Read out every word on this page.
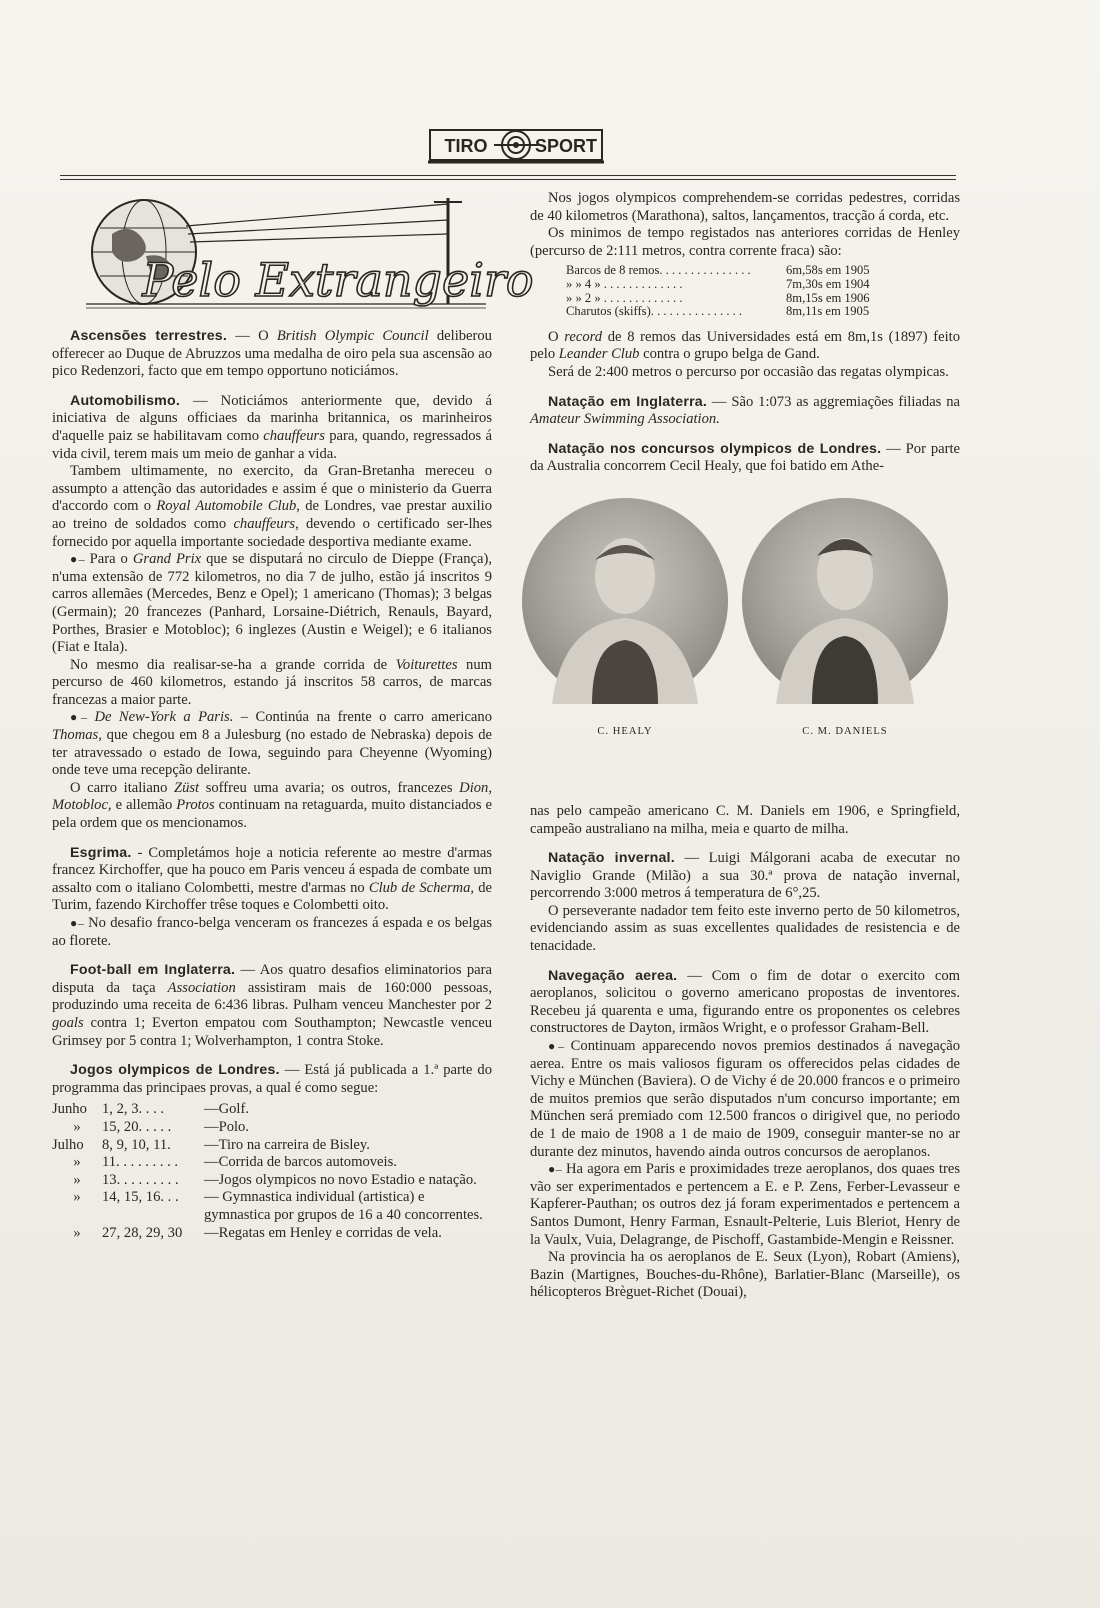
TIRO	SPORT
Pelo Extrangeiro

Ascensões terrestres. — O British Olympic Council deliberou offerecer ao Duque de Abruzzos uma medalha de oiro pela sua ascensão ao pico Redenzori, facto que em tempo opportuno noticiámos.

Automobilismo. — Noticiámos anteriormente que, devido á iniciativa de alguns officiaes da marinha britannica, os marinheiros d'aquelle paiz se habilitavam como chauffeurs para, quando, regressados á vida civil, terem mais um meio de ganhar a vida.

Tambem ultimamente, no exercito, da Gran-Bretanha mereceu o assumpto a attenção das autoridades e assim é que o ministerio da Guerra d'accordo com o Royal Automobile Club, de Londres, vae prestar auxilio ao treino de soldados como chauffeurs, devendo o certificado ser-lhes fornecido por aquella importante sociedade desportiva mediante exame.

●– Para o Grand Prix que se disputará no circulo de Dieppe (França), n'uma extensão de 772 kilometros, no dia 7 de julho, estão já inscritos 9 carros allemães (Mercedes, Benz e Opel); 1 americano (Thomas); 3 belgas (Germain); 20 francezes (Panhard, Lorsaine-Diétrich, Renauls, Bayard, Porthes, Brasier e Motobloc); 6 inglezes (Austin e Weigel); e 6 italianos (Fiat e Itala).

No mesmo dia realisar-se-ha a grande corrida de Voiturettes num percurso de 460 kilometros, estando já inscritos 58 carros, de marcas francezas a maior parte.

●– De New-York a Paris. – Continúa na frente o carro americano Thomas, que chegou em 8 a Julesburg (no estado de Nebraska) depois de ter atravessado o estado de Iowa, seguindo para Cheyenne (Wyoming) onde teve uma recepção delirante.

O carro italiano Züst soffreu uma avaria; os outros, francezes Dion, Motobloc, e allemão Protos continuam na retaguarda, muito distanciados e pela ordem que os mencionamos.

Esgrima. - Completámos hoje a noticia referente ao mestre d'armas francez Kirchoffer, que ha pouco em Paris venceu á espada de combate um assalto com o italiano Colombetti, mestre d'armas no Club de Scherma, de Turim, fazendo Kirchoffer trêse toques e Colombetti oito.

●– No desafio franco-belga venceram os francezes á espada e os belgas ao florete.

Foot-ball em Inglaterra. — Aos quatro desafios eliminatorios para disputa da taça Association assistiram mais de 160:000 pessoas, produzindo uma receita de 6:436 libras. Pulham venceu Manchester por 2 goals contra 1; Everton empatou com Southampton; Newcastle venceu Grimsey por 5 contra 1; Wolverhampton, 1 contra Stoke.

Jogos olympicos de Londres. — Está já publicada a 1.ª parte do programma das principaes provas, a qual é como segue:

Junho	1, 2, 3. . . .	—Golf.
»	15, 20. . . . .	—Polo.
Julho	8, 9, 10, 11.	—Tiro na carreira de Bisley.
»	11. . . . . . . . .	—Corrida de barcos automoveis.
»	13. . . . . . . . .	—Jogos olympicos no novo Estadio e natação.
»	14, 15, 16. . .	— Gymnastica individual (artistica) e gymnastica por grupos de 16 a 40 concorrentes.
»	27, 28, 29, 30	—Regatas em Henley e corridas de vela.

Nos jogos olympicos comprehendem-se corridas pedestres, corridas de 40 kilometros (Marathona), saltos, lançamentos, tracção á corda, etc.

Os minimos de tempo registados nas anteriores corridas de Henley (percurso de 2:111 metros, contra corrente fraca) são:

Barcos de 8 remos. . . . . . . . . . . . . . .	6m,58s em 1905
» » 4 » . . . . . . . . . . . . .	7m,30s em 1904
» » 2 » . . . . . . . . . . . . .	8m,15s em 1906
Charutos (skiffs). . . . . . . . . . . . . . .	8m,11s em 1905

O record de 8 remos das Universidades está em 8m,1s (1897) feito pelo Leander Club contra o grupo belga de Gand.

Será de 2:400 metros o percurso por occasião das regatas olympicas.

Natação em Inglaterra. — São 1:073 as aggremiações filiadas na Amateur Swimming Association.

Natação nos concursos olympicos de Londres. — Por parte da Australia concorrem Cecil Healy, que foi batido em Athe-

C. HEALY	C. M. DANIELS

nas pelo campeão americano C. M. Daniels em 1906, e Springfield, campeão australiano na milha, meia e quarto de milha.

Natação invernal. — Luigi Málgorani acaba de executar no Naviglio Grande (Milão) a sua 30.ª prova de natação invernal, percorrendo 3:000 metros á temperatura de 6°,25.

O perseverante nadador tem feito este inverno perto de 50 kilometros, evidenciando assim as suas excellentes qualidades de resistencia e de tenacidade.

Navegação aerea. — Com o fim de dotar o exercito com aeroplanos, solicitou o governo americano propostas de inventores. Recebeu já quarenta e uma, figurando entre os proponentes os celebres constructores de Dayton, irmãos Wright, e o professor Graham-Bell.

●– Continuam apparecendo novos premios destinados á navegação aerea. Entre os mais valiosos figuram os offerecidos pelas cidades de Vichy e München (Baviera). O de Vichy é de 20.000 francos e o primeiro de muitos premios que serão disputados n'um concurso importante; em München será premiado com 12.500 francos o dirigivel que, no periodo de 1 de maio de 1908 a 1 de maio de 1909, conseguir manter-se no ar durante dez minutos, havendo ainda outros concursos de aeroplanos.

●– Ha agora em Paris e proximidades treze aeroplanos, dos quaes tres vão ser experimentados e pertencem a E. e P. Zens, Ferber-Levasseur e Kapferer-Pauthan; os outros dez já foram experimentados e pertencem a Santos Dumont, Henry Farman, Esnault-Pelterie, Luis Bleriot, Henry de la Vaulx, Vuia, Delagrange, de Pischoff, Gastambide-Mengin e Reissner.

Na provincia ha os aeroplanos de E. Seux (Lyon), Robart (Amiens), Bazin (Martignes, Bouches-du-Rhône), Barlatier-Blanc (Marseille), os hélicopteros Brèguet-Richet (Douai),
